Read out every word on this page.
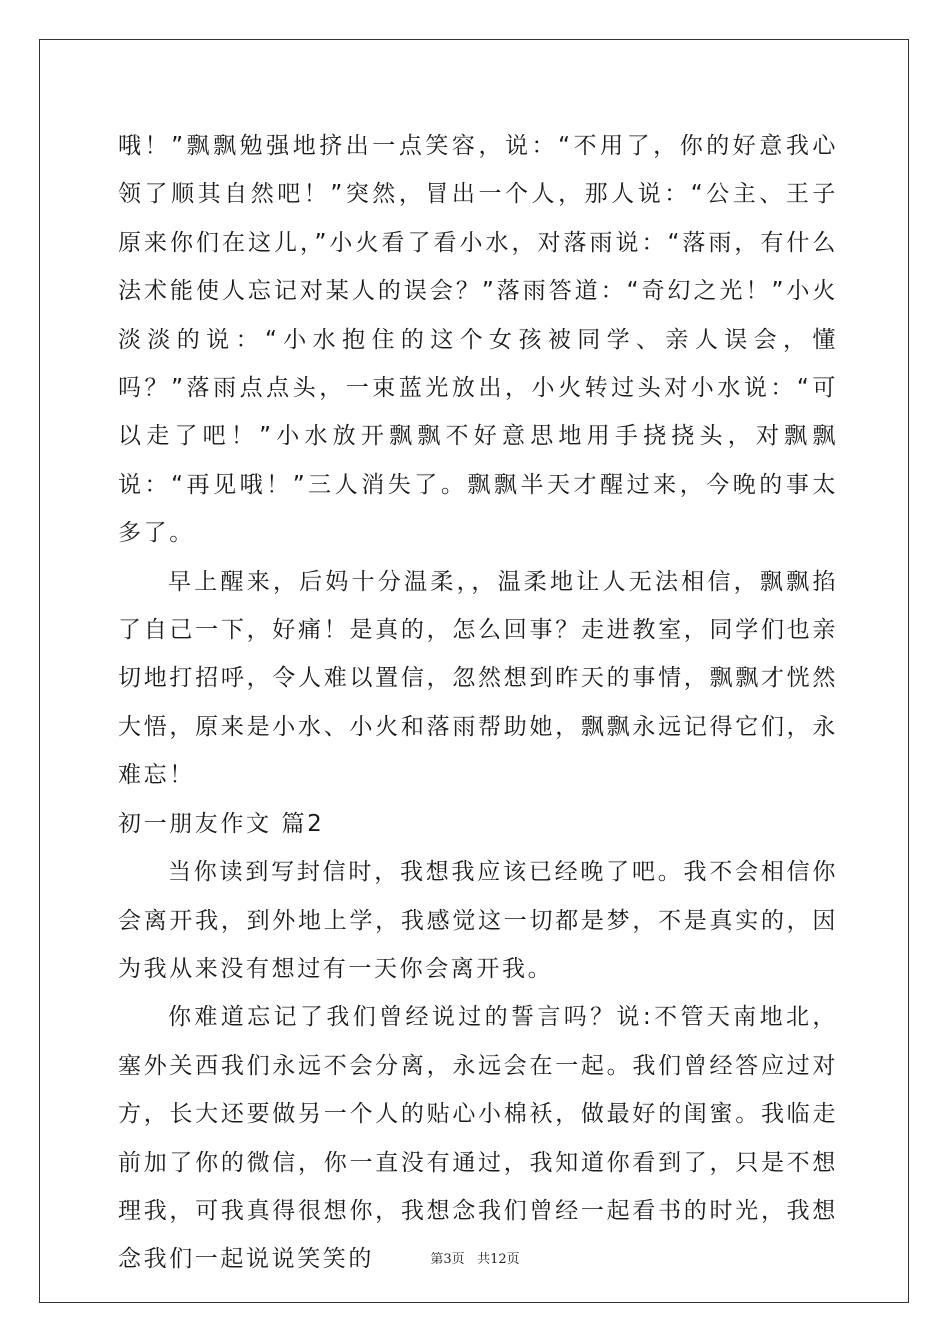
哦！”飘飘勉强地挤出一点笑容，说：“不用了，你的好意我心领了顺其自然吧！”突然，冒出一个人，那人说：“公主、王子原来你们在这儿，”小火看了看小水，对落雨说：“落雨，有什么法术能使人忘记对某人的误会？”落雨答道：“奇幻之光！”小火淡淡的说：“小水抱住的这个女孩被同学、亲人误会，懂吗？”落雨点点头，一束蓝光放出，小火转过头对小水说：“可以走了吧！”小水放开飘飘不好意思地用手挠挠头，对飘飘说：“再见哦！”三人消失了。飘飘半天才醒过来，今晚的事太多了。

早上醒来，后妈十分温柔，，温柔地让人无法相信，飘飘掐了自己一下，好痛！是真的，怎么回事？走进教室，同学们也亲切地打招呼，令人难以置信，忽然想到昨天的事情，飘飘才恍然大悟，原来是小水、小火和落雨帮助她，飘飘永远记得它们，永难忘！

初一朋友作文 篇2

当你读到写封信时，我想我应该已经晚了吧。我不会相信你会离开我，到外地上学，我感觉这一切都是梦，不是真实的，因为我从来没有想过有一天你会离开我。

你难道忘记了我们曾经说过的誓言吗？说:不管天南地北，塞外关西我们永远不会分离，永远会在一起。我们曾经答应过对方，长大还要做另一个人的贴心小棉袄，做最好的闺蜜。我临走前加了你的微信，你一直没有通过，我知道你看到了，只是不想理我，可我真得很想你，我想念我们曾经一起看书的时光，我想念我们一起说说笑笑的	第3页 共12页
